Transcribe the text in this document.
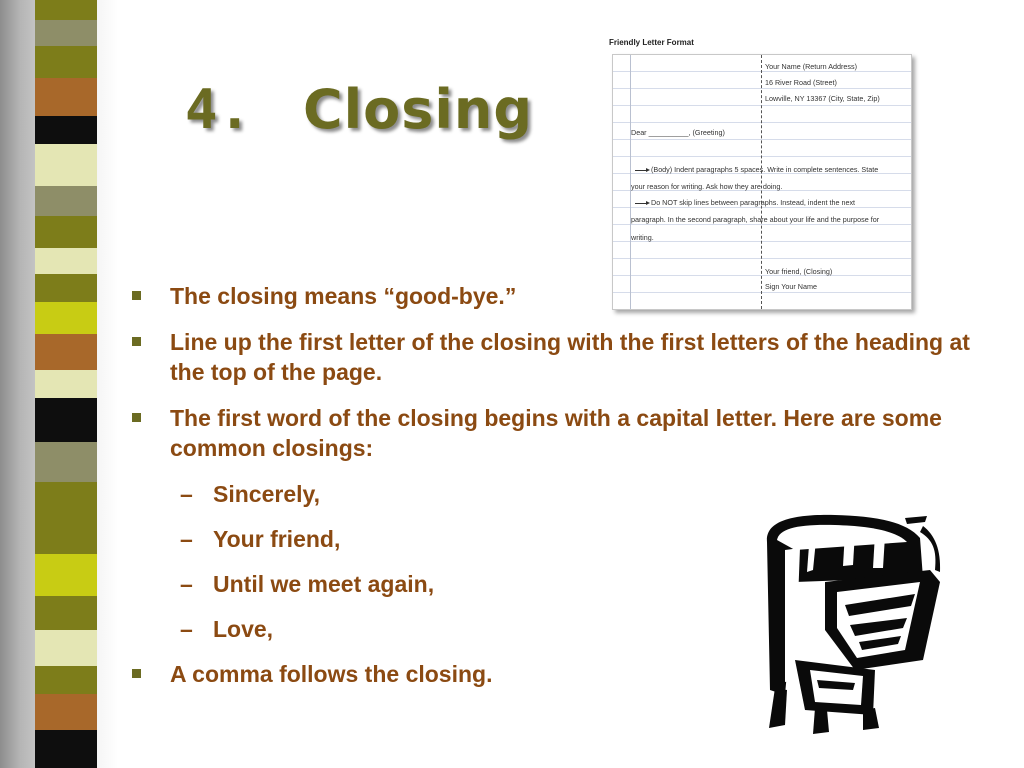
4. Closing
Friendly Letter Format
Your Name (Return Address)
16 River Road (Street)
Lowville, NY 13367 (City, State, Zip)
Dear __________, (Greeting)
(Body) Indent paragraphs 5 spaces. Write in complete sentences. State
your reason for writing. Ask how they are doing.
Do NOT skip lines between paragraphs. Instead, indent the next
paragraph. In the second paragraph, share about your life and the purpose for
writing.
Your friend, (Closing)
Sign Your Name
The closing means “good-bye.”
Line up the first letter of the closing with the first letters of the heading at the top of the page.
The first word of the closing begins with a capital letter. Here are some common closings:
– Sincerely,
– Your friend,
– Until we meet again,
– Love,
A comma follows the closing.
